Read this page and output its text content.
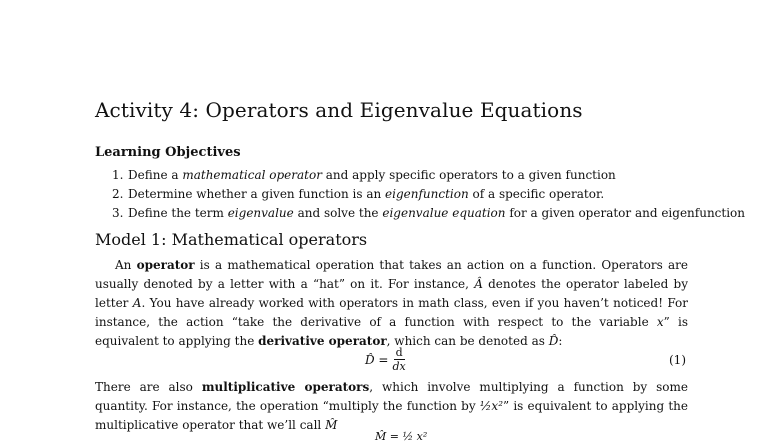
Activity 4: Operators and Eigenvalue Equations
Learning Objectives
1. Define a mathematical operator and apply specific operators to a given function
2. Determine whether a given function is an eigenfunction of a specific operator.
3. Define the term eigenvalue and solve the eigenvalue equation for a given operator and eigenfunction
Model 1: Mathematical operators

An operator is a mathematical operation that takes an action on a function. Operators are usually denoted by a letter with a “hat” on it. For instance, Â denotes the operator labeled by letter A. You have already worked with operators in math class, even if you haven’t noticed! For instance, the action “take the derivative of a function with respect to the variable x” is equivalent to applying the derivative operator, which can be denoted as D̂:

D̂ = $\frac{d}{dx}$	(1)

There are also multiplicative operators, which involve multiplying a function by some quantity. For instance, the operation “multiply the function by ½x²” is equivalent to applying the multiplicative operator that we’ll call M̂

M̂ = ½ x²
